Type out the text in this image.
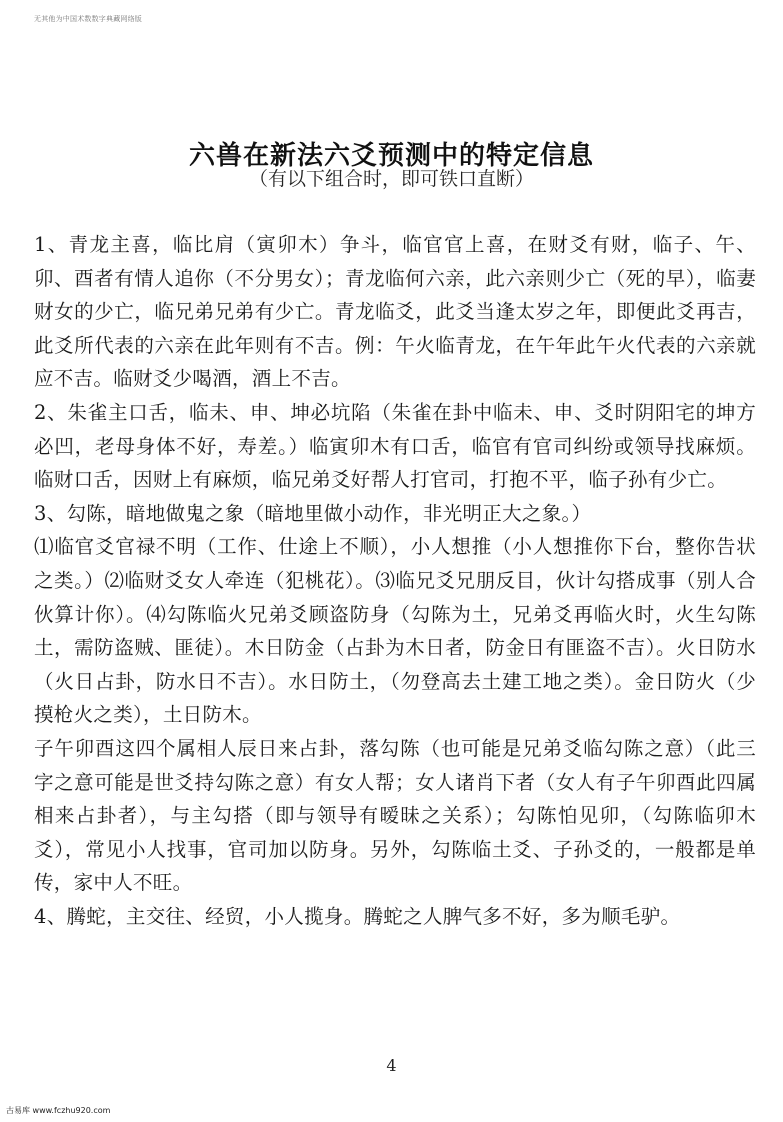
无其他为中国术数数字典藏网络版
六兽在新法六爻预测中的特定信息
（有以下组合时，即可铁口直断）

1、青龙主喜，临比肩（寅卯木）争斗，临官官上喜，在财爻有财，临子、午、卯、酉者有情人追你（不分男女）；青龙临何六亲，此六亲则少亡（死的早），临妻财女的少亡，临兄弟兄弟有少亡。青龙临爻，此爻当逢太岁之年，即便此爻再吉，此爻所代表的六亲在此年则有不吉。例：午火临青龙，在午年此午火代表的六亲就应不吉。临财爻少喝酒，酒上不吉。

2、朱雀主口舌，临未、申、坤必坑陷（朱雀在卦中临未、申、爻时阴阳宅的坤方必凹，老母身体不好，寿差。）临寅卯木有口舌，临官有官司纠纷或领导找麻烦。临财口舌，因财上有麻烦，临兄弟爻好帮人打官司，打抱不平，临子孙有少亡。

3、勾陈，暗地做鬼之象（暗地里做小动作，非光明正大之象。）

⑴临官爻官禄不明（工作、仕途上不顺），小人想推（小人想推你下台，整你告状之类。）⑵临财爻女人牵连（犯桃花）。⑶临兄爻兄朋反目，伙计勾搭成事（别人合伙算计你）。⑷勾陈临火兄弟爻顾盗防身（勾陈为土，兄弟爻再临火时，火生勾陈土，需防盗贼、匪徒）。木日防金（占卦为木日者，防金日有匪盗不吉）。火日防水（火日占卦，防水日不吉）。水日防土，（勿登高去土建工地之类）。金日防火（少摸枪火之类），土日防木。

子午卯酉这四个属相人辰日来占卦，落勾陈（也可能是兄弟爻临勾陈之意）（此三字之意可能是世爻持勾陈之意）有女人帮；女人诸肖下者（女人有子午卯酉此四属相来占卦者），与主勾搭（即与领导有暧昧之关系）；勾陈怕见卯，（勾陈临卯木爻），常见小人找事，官司加以防身。另外，勾陈临土爻、子孙爻的，一般都是单传，家中人不旺。

4、腾蛇，主交往、经贸，小人揽身。腾蛇之人脾气多不好，多为顺毛驴。

4
古易库 www.fczhu920.com
